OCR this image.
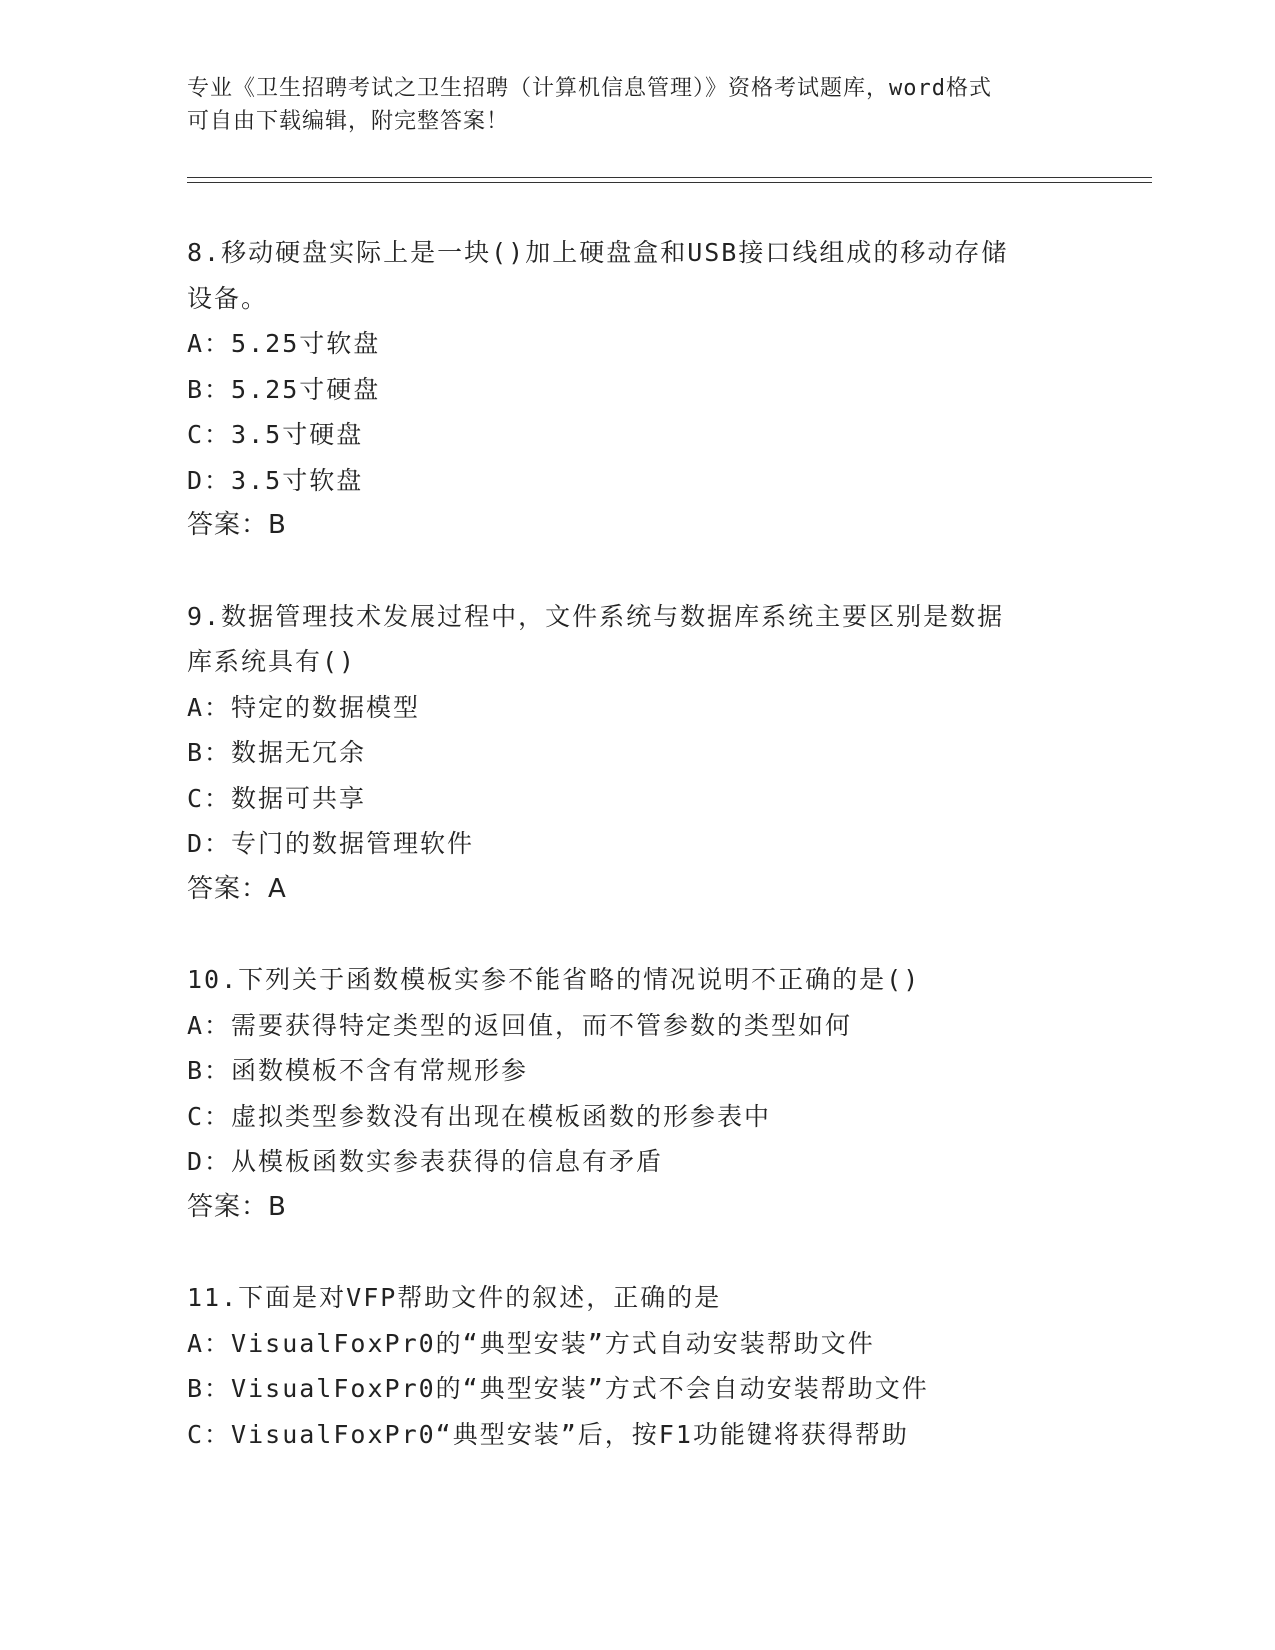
专业《卫生招聘考试之卫生招聘（计算机信息管理）》资格考试题库，word格式
可自由下载编辑，附完整答案！
8.移动硬盘实际上是一块()加上硬盘盒和USB接口线组成的移动存储
设备。
A：5.25寸软盘
B：5.25寸硬盘
C：3.5寸硬盘
D：3.5寸软盘
答案：B
9.数据管理技术发展过程中，文件系统与数据库系统主要区别是数据
库系统具有()
A：特定的数据模型
B：数据无冗余
C：数据可共享
D：专门的数据管理软件
答案：A
10.下列关于函数模板实参不能省略的情况说明不正确的是()
A：需要获得特定类型的返回值，而不管参数的类型如何
B：函数模板不含有常规形参
C：虚拟类型参数没有出现在模板函数的形参表中
D：从模板函数实参表获得的信息有矛盾
答案：B
11.下面是对VFP帮助文件的叙述，正确的是
A：VisualFoxPr0的“典型安装”方式自动安装帮助文件
B：VisualFoxPr0的“典型安装”方式不会自动安装帮助文件
C：VisualFoxPr0“典型安装”后，按F1功能键将获得帮助
